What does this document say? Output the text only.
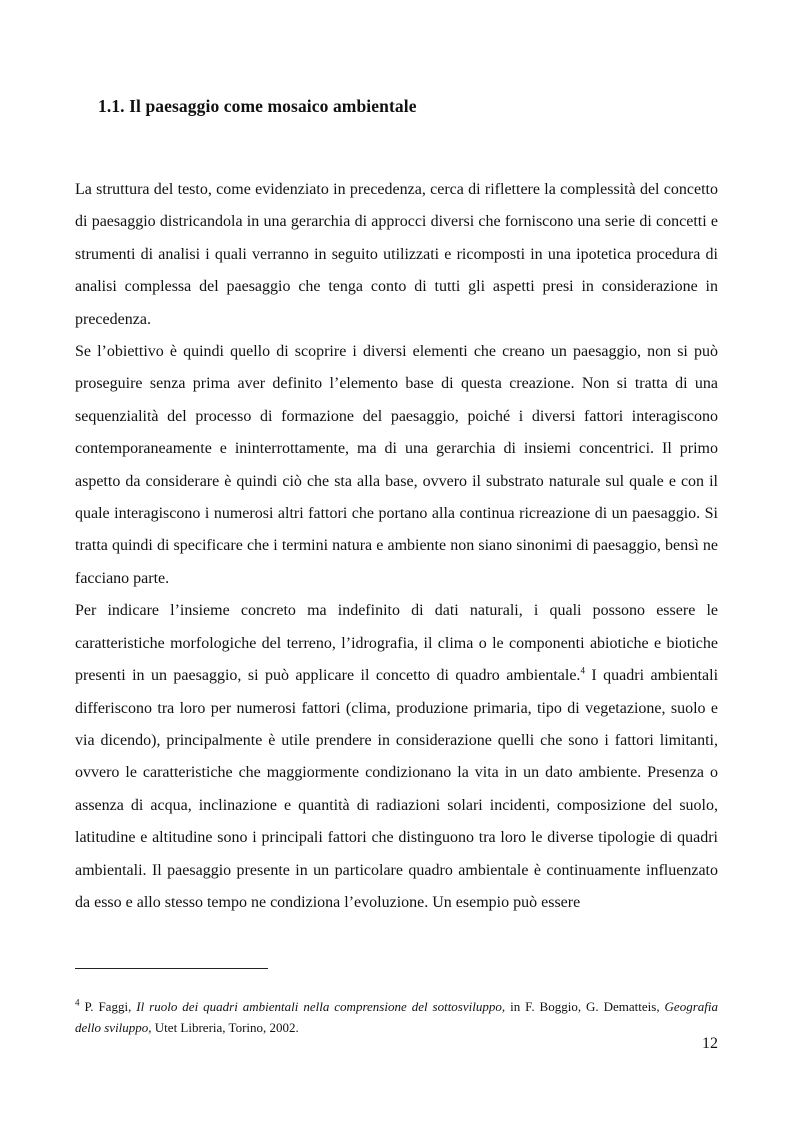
1.1. Il paesaggio come mosaico ambientale

La struttura del testo, come evidenziato in precedenza, cerca di riflettere la complessità del concetto di paesaggio districandola in una gerarchia di approcci diversi che forniscono una serie di concetti e strumenti di analisi i quali verranno in seguito utilizzati e ricomposti in una ipotetica procedura di analisi complessa del paesaggio che tenga conto di tutti gli aspetti presi in considerazione in precedenza.

Se l’obiettivo è quindi quello di scoprire i diversi elementi che creano un paesaggio, non si può proseguire senza prima aver definito l’elemento base di questa creazione. Non si tratta di una sequenzialità del processo di formazione del paesaggio, poiché i diversi fattori interagiscono contemporaneamente e ininterrottamente, ma di una gerarchia di insiemi concentrici. Il primo aspetto da considerare è quindi ciò che sta alla base, ovvero il substrato naturale sul quale e con il quale interagiscono i numerosi altri fattori che portano alla continua ricreazione di un paesaggio. Si tratta quindi di specificare che i termini natura e ambiente non siano sinonimi di paesaggio, bensì ne facciano parte.

Per indicare l’insieme concreto ma indefinito di dati naturali, i quali possono essere le caratteristiche morfologiche del terreno, l’idrografia, il clima o le componenti abiotiche e biotiche presenti in un paesaggio, si può applicare il concetto di quadro ambientale.$^4$ I quadri ambientali differiscono tra loro per numerosi fattori (clima, produzione primaria, tipo di vegetazione, suolo e via dicendo), principalmente è utile prendere in considerazione quelli che sono i fattori limitanti, ovvero le caratteristiche che maggiormente condizionano la vita in un dato ambiente. Presenza o assenza di acqua, inclinazione e quantità di radiazioni solari incidenti, composizione del suolo, latitudine e altitudine sono i principali fattori che distinguono tra loro le diverse tipologie di quadri ambientali. Il paesaggio presente in un particolare quadro ambientale è continuamente influenzato da esso e allo stesso tempo ne condiziona l’evoluzione. Un esempio può essere

$^4$ P. Faggi, Il ruolo dei quadri ambientali nella comprensione del sottosviluppo, in F. Boggio, G. Dematteis, Geografia dello sviluppo, Utet Libreria, Torino, 2002.

12
